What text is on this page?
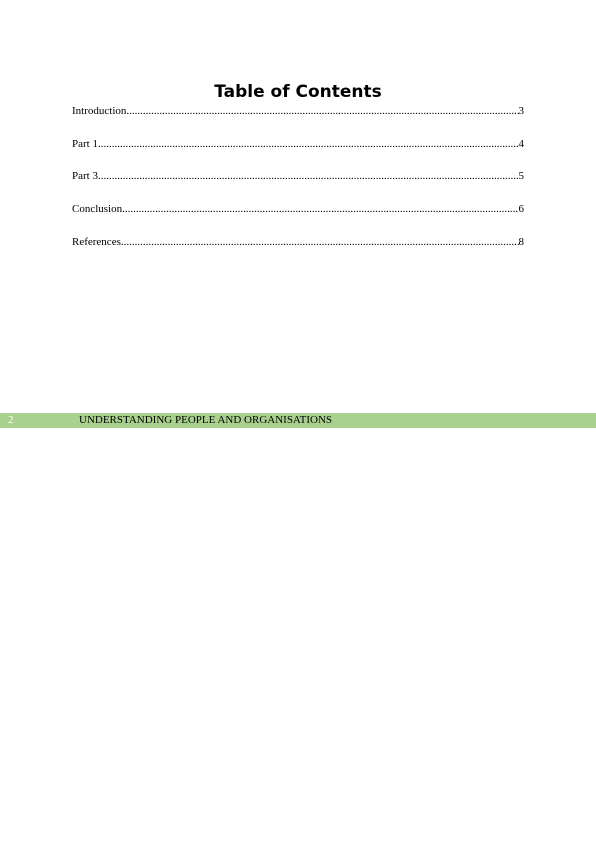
Table of Contents
Introduction .....	3
Part 1 .....	4
Part 3 .....	5
Conclusion .....	6
References .....	8
2	UNDERSTANDING PEOPLE AND ORGANISATIONS
